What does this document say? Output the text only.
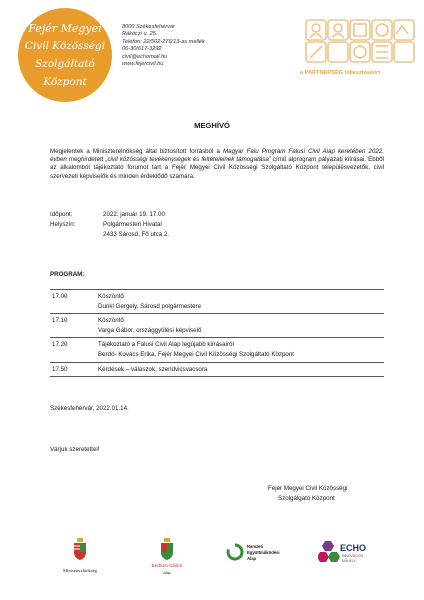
Fejér Megyei
Civil Közösségi
Szolgáltató
Központ
8000 Székesfehérvár
Rákóczi u. 25.
Telefon: 22/502-276/13-as mellék
06-30/617-3292
civil@echomail.hu
www.fejercivil.hu
a PARTNERSÉG fejlesztéséért
MEGHÍVÓ
Megjelentek a Miniszterelnökség által biztosított forrásból a Magyar Falu Program Falusi Civil Alap keretében 2022. évben meghirdetett „civil közösségi tevékenységek és feltételeinek támogatása” című alprogram pályázati kiírásai. Ebből az alkalomból tájékoztató fórumot tart a Fejér Megyei Civil Közösségi Szolgáltató Központ településvezetők, civil szervezeti képviselők és minden érdeklődő számára.
Időpont:	2022. január 19. 17.00
Helyszín:	Polgármesteri Hivatal
2433 Sárosd, Fő utca 2.
PROGRAM:
17.00	Köszöntő
Dunkl Gergely, Sárosd polgármestere

17.10	Köszöntő
Varga Gábor, országgyűlési képviselő

17.20	Tájékoztató a Falusi Civil Alap legújabb kiírásairól
Berdó- Kovács Erika, Fejér Megyei Civil Közösségi Szolgáltató Központ

17.50	Kérdések – válaszok, szendvicsvacsora
Székesfehérvár, 2022.01.14.
Várjuk szeretettel!
Fejér Megyei Civil Közösségi
Szolgálgató Központ
Miniszterelnökség
Bethlen Gábor
Alap
Nemzeti
Együttműködési
Alap
ECHO
INNOVÁCIÓS
MŰHELY
